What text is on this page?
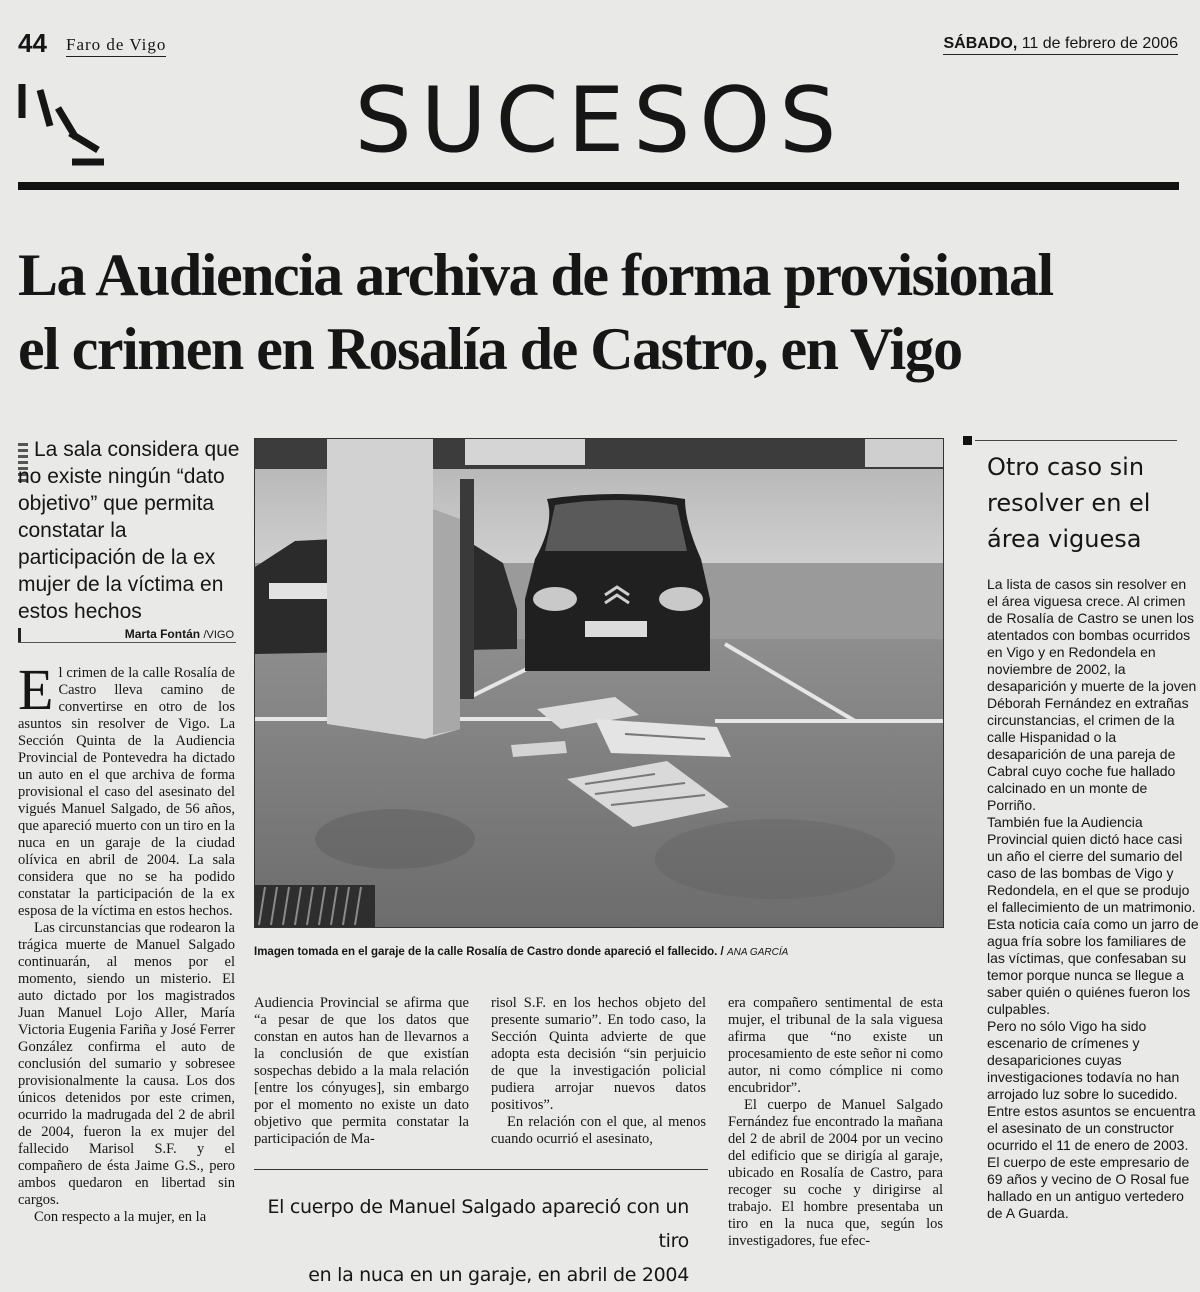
44 Faro de Vigo	SÁBADO, 11 de febrero de 2006
SUCESOS
La Audiencia archiva de forma provisional
el crimen en Rosalía de Castro, en Vigo
La sala considera que no existe ningún “dato objetivo” que permita constatar la participación de la ex mujer de la víctima en estos hechos
Marta Fontán /VIGO

El crimen de la calle Rosalía de Castro lleva camino de convertirse en otro de los asuntos sin resolver de Vigo. La Sección Quinta de la Audiencia Provincial de Pontevedra ha dictado un auto en el que archiva de forma provisional el caso del asesinato del vigués Manuel Salgado, de 56 años, que apareció muerto con un tiro en la nuca en un garaje de la ciudad olívica en abril de 2004. La sala considera que no se ha podido constatar la participación de la ex esposa de la víctima en estos hechos.

Las circunstancias que rodearon la trágica muerte de Manuel Salgado continuarán, al menos por el momento, siendo un misterio. El auto dictado por los magistrados Juan Manuel Lojo Aller, María Victoria Eugenia Fariña y José Ferrer González confirma el auto de conclusión del sumario y sobresee provisionalmente la causa. Los dos únicos detenidos por este crimen, ocurrido la madrugada del 2 de abril de 2004, fueron la ex mujer del fallecido Marisol S.F. y el compañero de ésta Jaime G.S., pero ambos quedaron en libertad sin cargos.

Con respecto a la mujer, en la

Imagen tomada en el garaje de la calle Rosalía de Castro donde apareció el fallecido. / ANA GARCÍA

Audiencia Provincial se afirma que “a pesar de que los datos que constan en autos han de llevarnos a la conclusión de que existían sospechas debido a la mala relación [entre los cónyuges], sin embargo por el momento no existe un dato objetivo que permita constatar la participación de Ma-

risol S.F. en los hechos objeto del presente sumario”. En todo caso, la Sección Quinta advierte de que adopta esta decisión “sin perjuicio de que la investigación policial pudiera arrojar nuevos datos positivos”.

En relación con el que, al menos cuando ocurrió el asesinato,

era compañero sentimental de esta mujer, el tribunal de la sala viguesa afirma que “no existe un procesamiento de este señor ni como autor, ni como cómplice ni como encubridor”.

El cuerpo de Manuel Salgado Fernández fue encontrado la mañana del 2 de abril de 2004 por un vecino del edificio que se dirigía al garaje, ubicado en Rosalía de Castro, para recoger su coche y dirigirse al trabajo. El hombre presentaba un tiro en la nuca que, según los investigadores, fue efec-

El cuerpo de Manuel Salgado apareció con un tiro
en la nuca en un garaje, en abril de 2004
Otro caso sin resolver en el área viguesa

La lista de casos sin resolver en el área viguesa crece. Al crimen de Rosalía de Castro se unen los atentados con bombas ocurridos en Vigo y en Redondela en noviembre de 2002, la desaparición y muerte de la joven Déborah Fernández en extrañas circunstancias, el crimen de la calle Hispanidad o la desaparición de una pareja de Cabral cuyo coche fue hallado calcinado en un monte de Porriño.

También fue la Audiencia Provincial quien dictó hace casi un año el cierre del sumario del caso de las bombas de Vigo y Redondela, en el que se produjo el fallecimiento de un matrimonio. Esta noticia caía como un jarro de agua fría sobre los familiares de las víctimas, que confesaban su temor porque nunca se llegue a saber quién o quiénes fueron los culpables.

Pero no sólo Vigo ha sido escenario de crímenes y desapariciones cuyas investigaciones todavía no han arrojado luz sobre lo sucedido. Entre estos asuntos se encuentra el asesinato de un constructor ocurrido el 11 de enero de 2003.

El cuerpo de este empresario de 69 años y vecino de O Rosal fue hallado en un antiguo vertedero de A Guarda.
